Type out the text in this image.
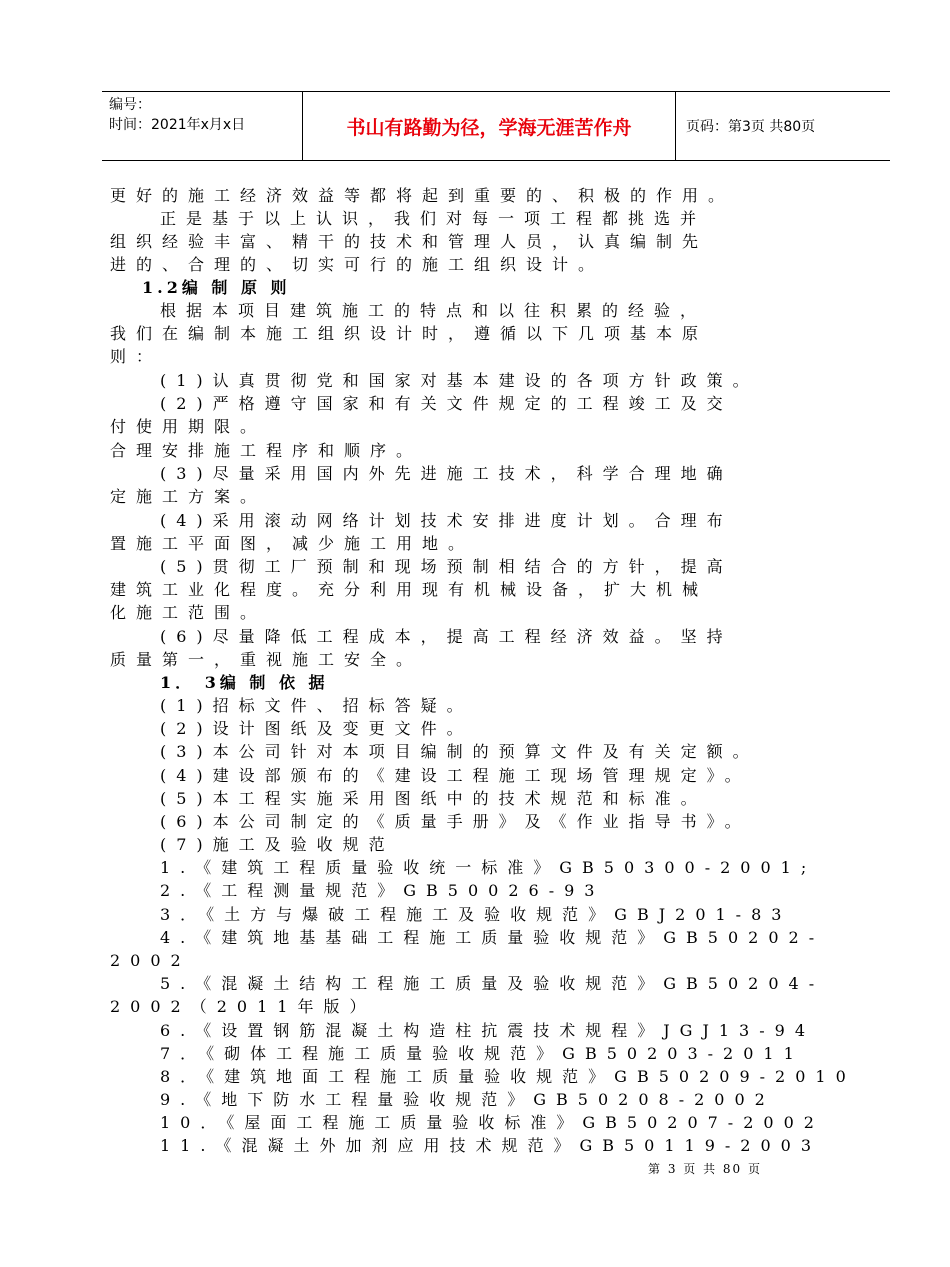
编号：
时间：2021年x月x日	书山有路勤为径，学海无涯苦作舟	页码：第3页 共80页
更好的施工经济效益等都将起到重要的、积极的作用。
正是基于以上认识，我们对每一项工程都挑选并
组织经验丰富、精干的技术和管理人员，认真编制先
进的、合理的、切实可行的施工组织设计。
1.2编 制 原 则
根据本项目建筑施工的特点和以往积累的经验，
我们在编制本施工组织设计时，遵循以下几项基本原
则：
(1)认真贯彻党和国家对基本建设的各项方针政策。
(2)严格遵守国家和有关文件规定的工程竣工及交
付使用期限。
合理安排施工程序和顺序。
(3)尽量采用国内外先进施工技术，科学合理地确
定施工方案。
(4)采用滚动网络计划技术安排进度计划。合理布
置施工平面图，减少施工用地。
(5)贯彻工厂预制和现场预制相结合的方针，提高
建筑工业化程度。充分利用现有机械设备，扩大机械
化施工范围。
(6)尽量降低工程成本，提高工程经济效益。坚持
质量第一，重视施工安全。
1． 3编 制 依 据
(1)招标文件、招标答疑。
(2)设计图纸及变更文件。
(3)本公司针对本项目编制的预算文件及有关定额。
(4)建设部颁布的《建设工程施工现场管理规定》。
(5)本工程实施采用图纸中的技术规范和标准。
(6)本公司制定的《质量手册》及《作业指导书》。
(7)施工及验收规范
1.《建筑工程质量验收统一标准》GB50300-2001;
2.《工程测量规范》GB50026-93
3．《土方与爆破工程施工及验收规范》GBJ201-83
4.《建筑地基基础工程施工质量验收规范》GB50202-
2002
5.《混凝土结构工程施工质量及验收规范》GB50204-
2002（2011年版）
6.《设置钢筋混凝土构造柱抗震技术规程》JGJ13-94
7．《砌体工程施工质量验收规范》GB50203-2011
8．《建筑地面工程施工质量验收规范》GB50209-2010
9.《地下防水工程量验收规范》GB50208-2002
10．《屋面工程施工质量验收标准》GB50207-2002
11.《混凝土外加剂应用技术规范》GB50119-2003
第 3 页 共 80 页
